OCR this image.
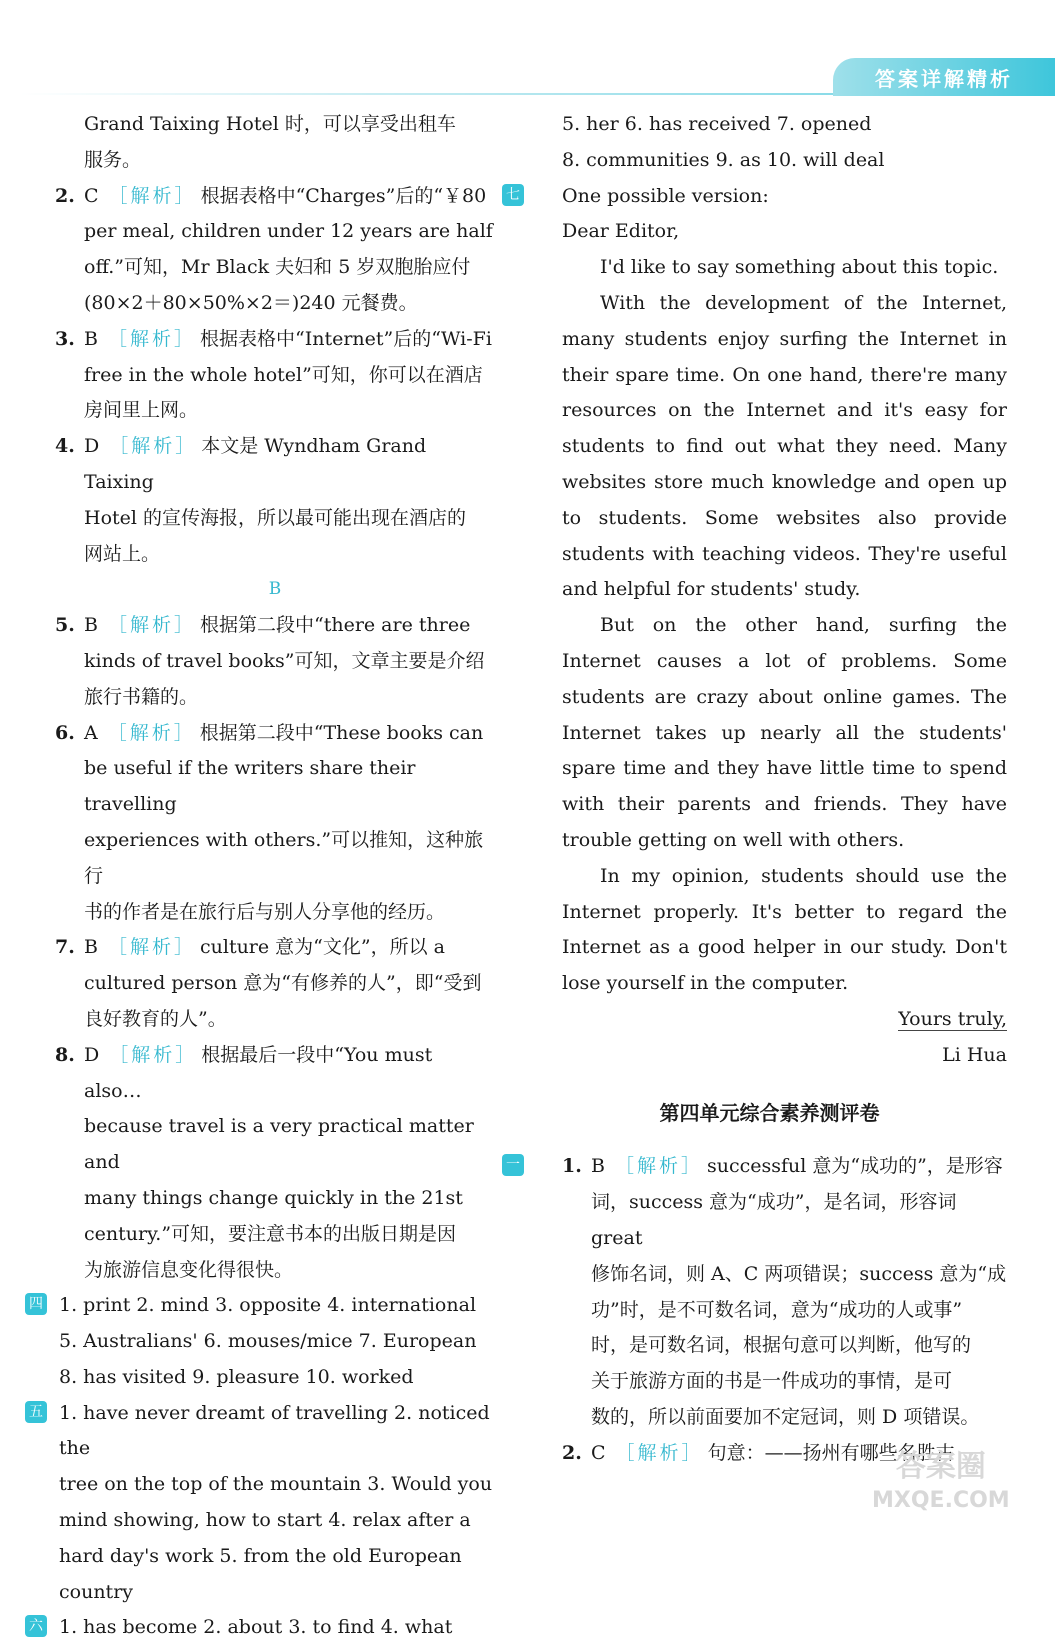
答案详解精析
Grand Taixing Hotel 时，可以享受出租车
服务。
2. C ［解析］ 根据表格中“Charges”后的“￥80
per meal, children under 12 years are half
off.”可知，Mr Black 夫妇和 5 岁双胞胎应付
(80×2＋80×50%×2＝)240 元餐费。
3. B ［解析］ 根据表格中“Internet”后的“Wi-Fi
free in the whole hotel”可知，你可以在酒店
房间里上网。
4. D ［解析］ 本文是 Wyndham Grand Taixing
Hotel 的宣传海报，所以最可能出现在酒店的
网站上。
B
5. B ［解析］ 根据第二段中“there are three
kinds of travel books”可知，文章主要是介绍
旅行书籍的。
6. A ［解析］ 根据第二段中“These books can
be useful if the writers share their travelling
experiences with others.”可以推知，这种旅行
书的作者是在旅行后与别人分享他的经历。
7. B ［解析］ culture 意为“文化”，所以 a
cultured person 意为“有修养的人”，即“受到
良好教育的人”。
8. D ［解析］ 根据最后一段中“You must also…
because travel is a very practical matter and
many things change quickly in the 21st
century.”可知，要注意书本的出版日期是因
为旅游信息变化得很快。
四 1. print 2. mind 3. opposite 4. international
5. Australians' 6. mouses/mice 7. European
8. has visited 9. pleasure 10. worked
五 1. have never dreamt of travelling 2. noticed the
tree on the top of the mountain 3. Would you
mind showing, how to start 4. relax after a
hard day's work 5. from the old European
country
六 1. has become 2. about 3. to find 4. what
5. her 6. has received 7. opened
8. communities 9. as 10. will deal
七 One possible version:
Dear Editor,
I'd like to say something about this topic.
With the development of the Internet, many students enjoy surfing the Internet in their spare time. On one hand, there're many resources on the Internet and it's easy for students to find out what they need. Many websites store much knowledge and open up to students. Some websites also provide students with teaching videos. They're useful and helpful for students' study.
But on the other hand, surfing the Internet causes a lot of problems. Some students are crazy about online games. The Internet takes up nearly all the students' spare time and they have little time to spend with their parents and friends. They have trouble getting on well with others.
In my opinion, students should use the Internet properly. It's better to regard the Internet as a good helper in our study. Don't lose yourself in the computer.
Yours truly,
Li Hua
第四单元综合素养测评卷
一 1. B ［解析］ successful 意为“成功的”，是形容
词，success 意为“成功”，是名词，形容词 great
修饰名词，则 A、C 两项错误；success 意为“成
功”时，是不可数名词，意为“成功的人或事”
时，是可数名词，根据句意可以判断，他写的
关于旅游方面的书是一件成功的事情，是可
数的，所以前面要加不定冠词，则 D 项错误。
2. C ［解析］ 句意：——扬州有哪些名胜古
答案圈
MXQE.COM
